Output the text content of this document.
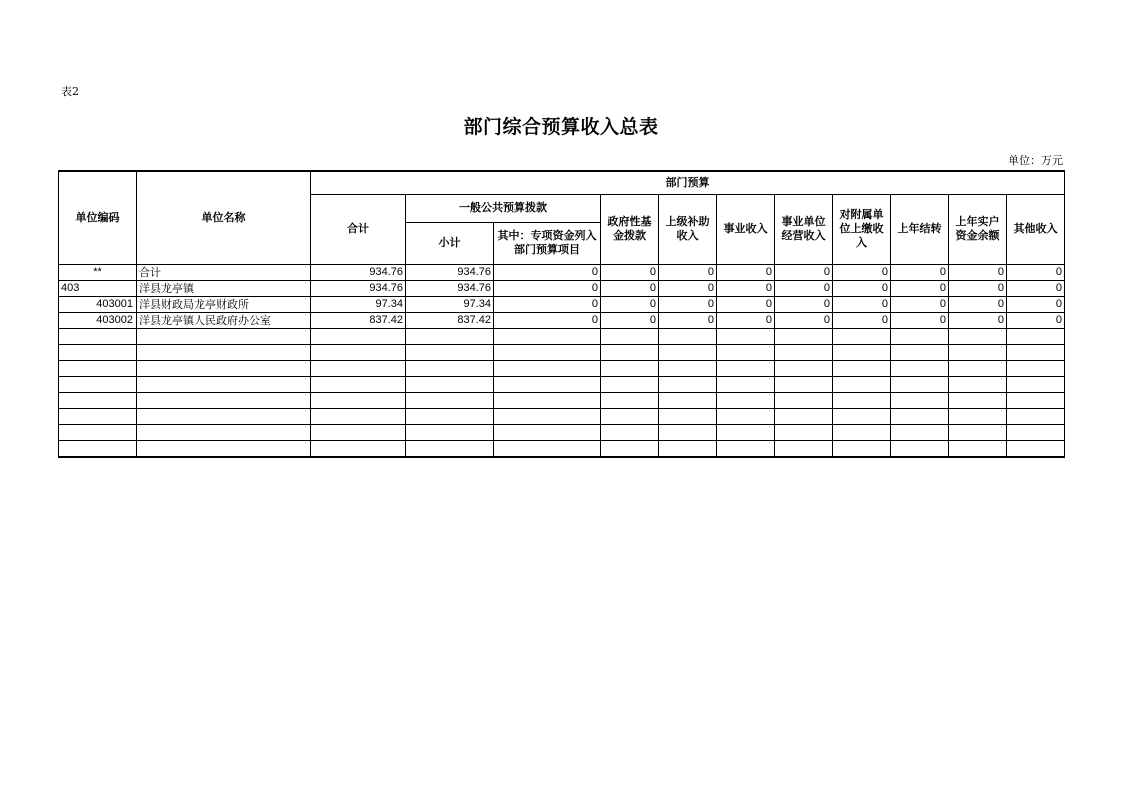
表2
部门综合预算收入总表
单位：万元
单位编码	单位名称	部门预算										
		合计	一般公共预算拨款		政府性基金拨款	上级补助收入	事业收入	事业单位经营收入	对附属单位上缴收入	上年结转	上年实户资金余额	其他收入
			小计	其中：专项资金列入部门预算项目								
**	合计	934.76	934.76	0	0	0	0	0	0	0	0	0
403	洋县龙亭镇	934.76	934.76	0	0	0	0	0	0	0	0	0
403001	洋县财政局龙亭财政所	97.34	97.34	0	0	0	0	0	0	0	0	0
403002	洋县龙亭镇人民政府办公室	837.42	837.42	0	0	0	0	0	0	0	0	0
